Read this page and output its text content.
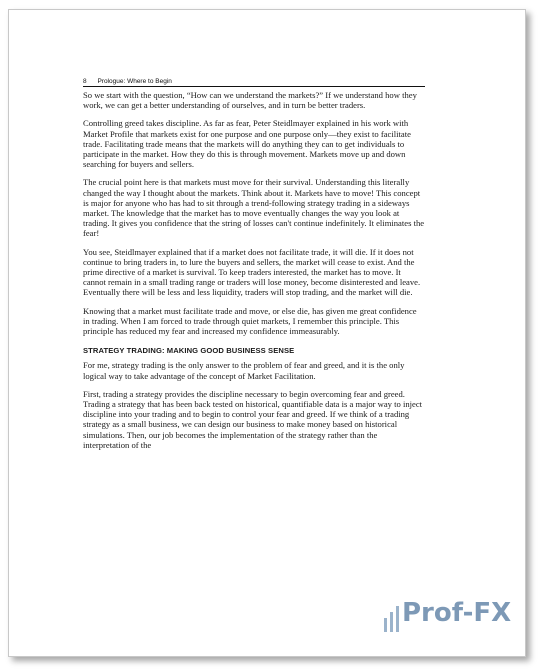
8 Prologue: Where to Begin

So we start with the question, “How can we understand the markets?” If we understand how they work, we can get a better understanding of ourselves, and in turn be better traders.

Controlling greed takes discipline. As far as fear, Peter Steidlmayer explained in his work with Market Profile that markets exist for one purpose and one purpose only—they exist to facilitate trade. Facilitating trade means that the markets will do anything they can to get individuals to participate in the market. How they do this is through movement. Markets move up and down searching for buyers and sellers.

The crucial point here is that markets must move for their survival. Understanding this literally changed the way I thought about the markets. Think about it. Markets have to move! This concept is major for anyone who has had to sit through a trend-following strategy trading in a sideways market. The knowledge that the market has to move eventually changes the way you look at trading. It gives you confidence that the string of losses can't continue indefinitely. It eliminates the fear!

You see, Steidlmayer explained that if a market does not facilitate trade, it will die. If it does not continue to bring traders in, to lure the buyers and sellers, the market will cease to exist. And the prime directive of a market is survival. To keep traders interested, the market has to move. It cannot remain in a small trading range or traders will lose money, become disinterested and leave. Eventually there will be less and less liquidity, traders will stop trading, and the market will die.

Knowing that a market must facilitate trade and move, or else die, has given me great confidence in trading. When I am forced to trade through quiet markets, I remember this principle. This principle has reduced my fear and increased my confidence immeasurably.

STRATEGY TRADING: MAKING GOOD BUSINESS SENSE

For me, strategy trading is the only answer to the problem of fear and greed, and it is the only logical way to take advantage of the concept of Market Facilitation.

First, trading a strategy provides the discipline necessary to begin overcoming fear and greed. Trading a strategy that has been back tested on historical, quantifiable data is a major way to inject discipline into your trading and to begin to control your fear and greed. If we think of a trading strategy as a small business, we can design our business to make money based on historical simulations. Then, our job becomes the implementation of the strategy rather than the interpretation of the

Prof-FX
